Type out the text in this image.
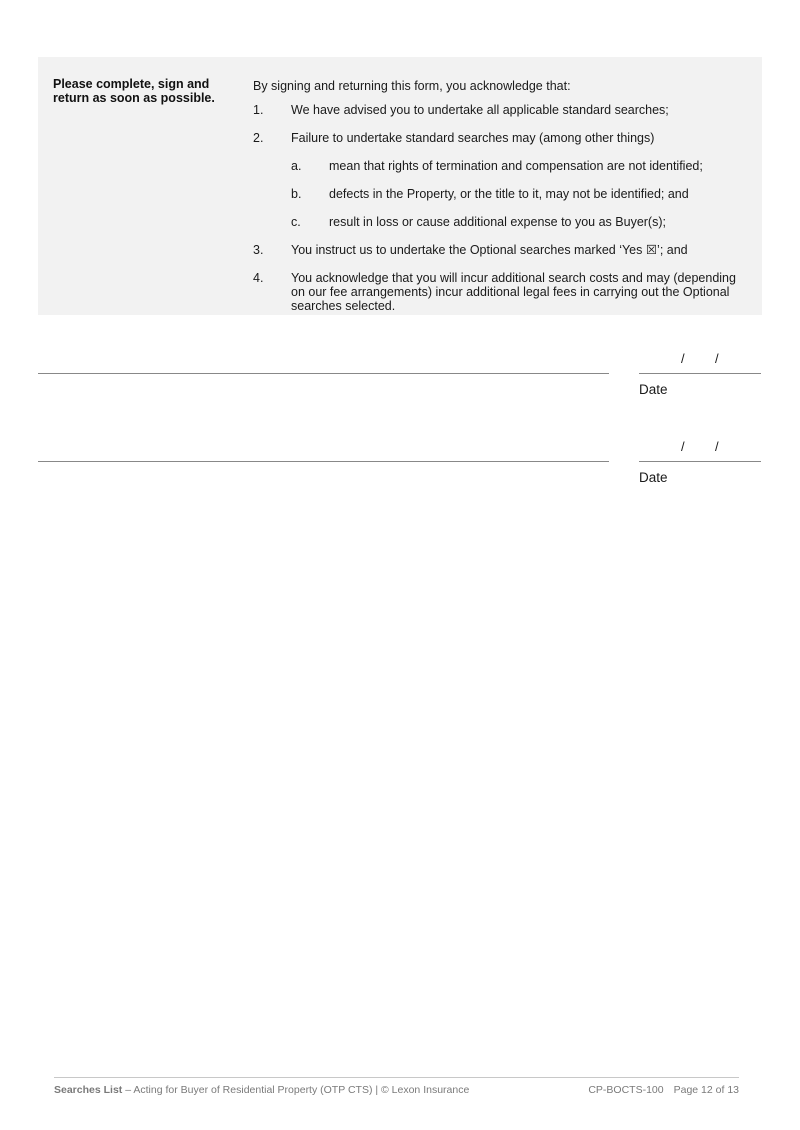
Please complete, sign and return as soon as possible.
By signing and returning this form, you acknowledge that:
1.	We have advised you to undertake all applicable standard searches;
2.	Failure to undertake standard searches may (among other things)
a.	mean that rights of termination and compensation are not identified;
b.	defects in the Property, or the title to it, may not be identified; and
c.	result in loss or cause additional expense to you as Buyer(s);
3.	You instruct us to undertake the Optional searches marked ‘Yes ☒’; and
4.	You acknowledge that you will incur additional search costs and may (depending on our fee arrangements) incur additional legal fees in carrying out the Optional searches selected.
/ /
Date
/ /
Date
Searches List – Acting for Buyer of Residential Property (OTP CTS) | © Lexon Insurance	CP-BOCTS-100 Page 12 of 13
